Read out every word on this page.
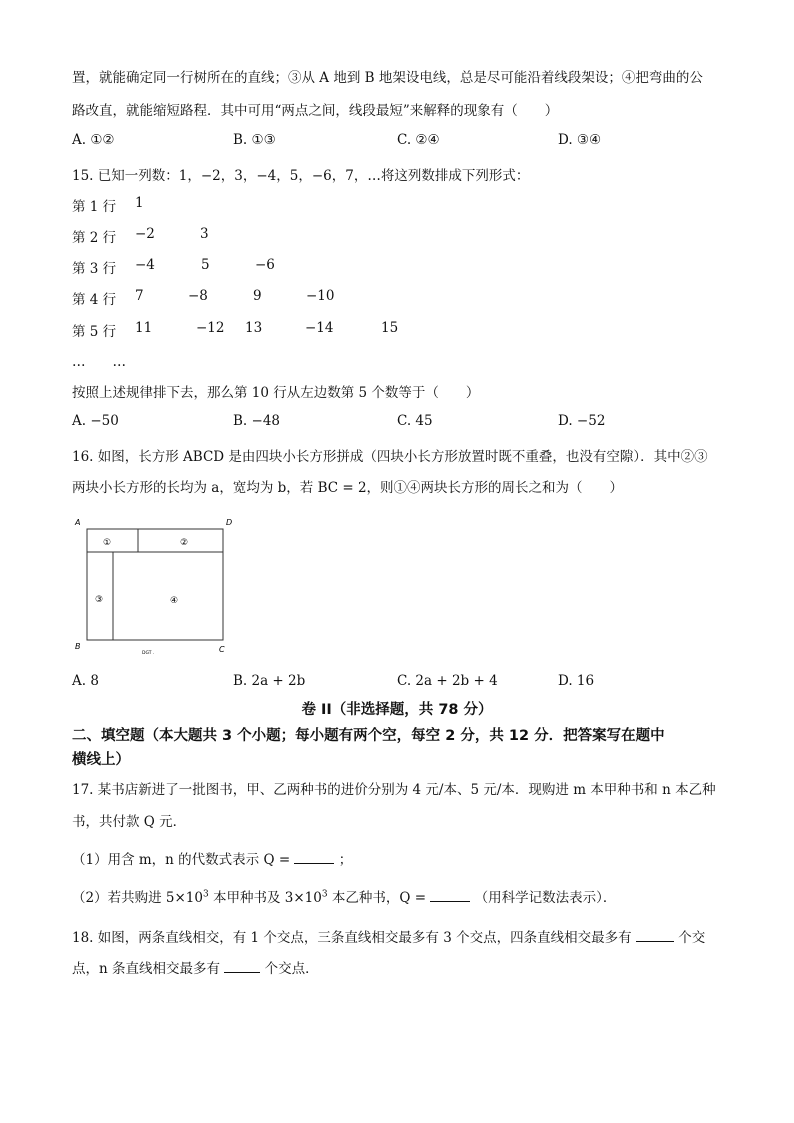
置，就能确定同一行树所在的直线；③从 A 地到 B 地架设电线，总是尽可能沿着线段架设；④把弯曲的公
路改直，就能缩短路程．其中可用“两点之间，线段最短”来解释的现象有（　　）
A. ①②	B. ①③	C. ②④	D. ③④
15. 已知一列数：1，−2，3，−4，5，−6，7，…将这列数排成下列形式：
第 1 行 1
第 2 行 −2	3
第 3 行 −4	5	−6
第 4 行 7	−8	9	−10
第 5 行 11	−12 13	−14	15
…　　…
按照上述规律排下去，那么第 10 行从左边数第 5 个数等于（　　）
A. −50	B. −48	C. 45	D. −52
16. 如图，长方形 ABCD 是由四块小长方形拼成（四块小长方形放置时既不重叠，也没有空隙）．其中②③
两块小长方形的长均为 a，宽均为 b，若 BC = 2，则①④两块长方形的周长之和为（　　）
A	D
B	C
①	②
③	④
DGT .
A. 8	B. 2a + 2b	C. 2a + 2b + 4	D. 16
卷 II（非选择题，共 78 分）
二、填空题（本大题共 3 个小题；每小题有两个空，每空 2 分，共 12 分．把答案写在题中
横线上）
17. 某书店新进了一批图书，甲、乙两种书的进价分别为 4 元/本、5 元/本．现购进 m 本甲种书和 n 本乙种
书，共付款 Q 元．
（1）用含 m，n 的代数式表示 Q =	；
（2）若共购进 $5\times 10^3$ 本甲种书及 $3\times 10^3$ 本乙种书，Q =	（用科学记数法表示）．
18. 如图，两条直线相交，有 1 个交点，三条直线相交最多有 3 个交点，四条直线相交最多有	个交
点，n 条直线相交最多有	个交点．
